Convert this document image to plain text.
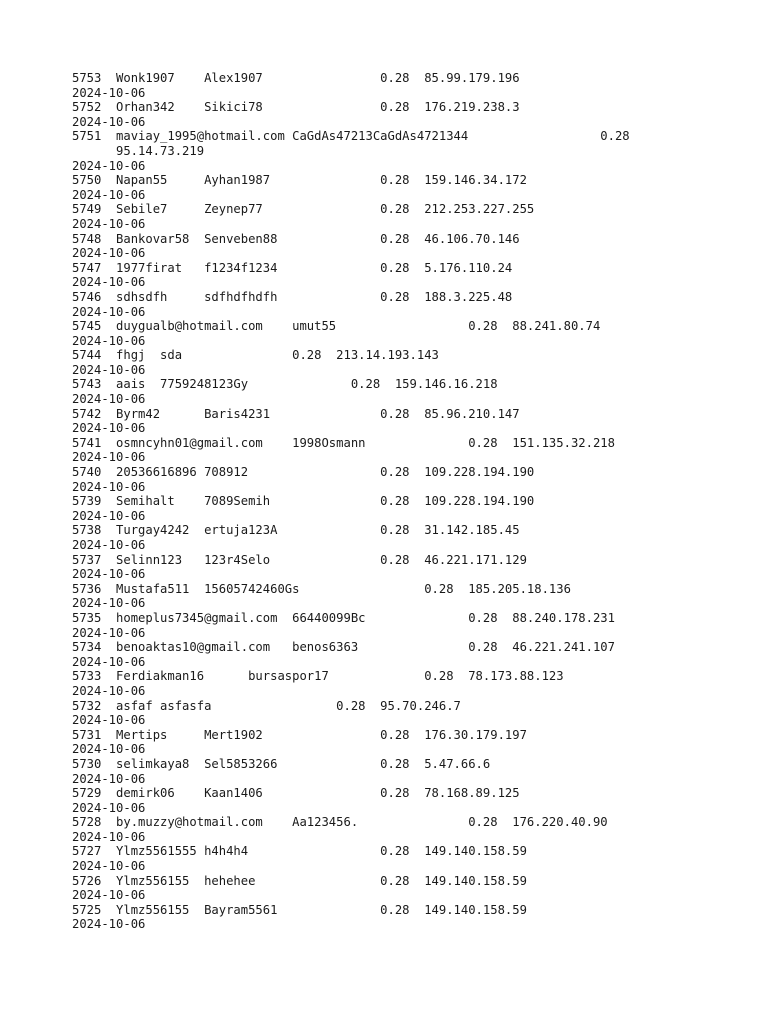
5753  Wonk1907    Alex1907                0.28  85.99.179.196
2024-10-06
5752  Orhan342    Sikici78                0.28  176.219.238.3
2024-10-06
5751  maviay_1995@hotmail.com CaGdAs47213CaGdAs4721344                  0.28
95.14.73.219
2024-10-06
5750  Napan55     Ayhan1987               0.28  159.146.34.172
2024-10-06
5749  Sebile7     Zeynep77                0.28  212.253.227.255
2024-10-06
5748  Bankovar58  Senveben88              0.28  46.106.70.146
2024-10-06
5747  1977firat   f1234f1234              0.28  5.176.110.24
2024-10-06
5746  sdhsdfh     sdfhdfhdfh              0.28  188.3.225.48
2024-10-06
5745  duygualb@hotmail.com    umut55                  0.28  88.241.80.74
2024-10-06
5744  fhgj  sda               0.28  213.14.193.143
2024-10-06
5743  aais  7759248123Gy              0.28  159.146.16.218
2024-10-06
5742  Byrm42      Baris4231               0.28  85.96.210.147
2024-10-06
5741  osmncyhn01@gmail.com    1998Osmann              0.28  151.135.32.218
2024-10-06
5740  20536616896 708912                  0.28  109.228.194.190
2024-10-06
5739  Semihalt    7089Semih               0.28  109.228.194.190
2024-10-06
5738  Turgay4242  ertuja123A              0.28  31.142.185.45
2024-10-06
5737  Selinn123   123r4Selo               0.28  46.221.171.129
2024-10-06
5736  Mustafa511  15605742460Gs                 0.28  185.205.18.136
2024-10-06
5735  homeplus7345@gmail.com  66440099Bc              0.28  88.240.178.231
2024-10-06
5734  benoaktas10@gmail.com   benos6363               0.28  46.221.241.107
2024-10-06
5733  Ferdiakman16      bursaspor17             0.28  78.173.88.123
2024-10-06
5732  asfaf asfasfa                 0.28  95.70.246.7
2024-10-06
5731  Mertips     Mert1902                0.28  176.30.179.197
2024-10-06
5730  selimkaya8  Sel5853266              0.28  5.47.66.6
2024-10-06
5729  demirk06    Kaan1406                0.28  78.168.89.125
2024-10-06
5728  by.muzzy@hotmail.com    Aa123456.               0.28  176.220.40.90
2024-10-06
5727  Ylmz5561555 h4h4h4                  0.28  149.140.158.59
2024-10-06
5726  Ylmz556155  hehehee                 0.28  149.140.158.59
2024-10-06
5725  Ylmz556155  Bayram5561              0.28  149.140.158.59
2024-10-06
